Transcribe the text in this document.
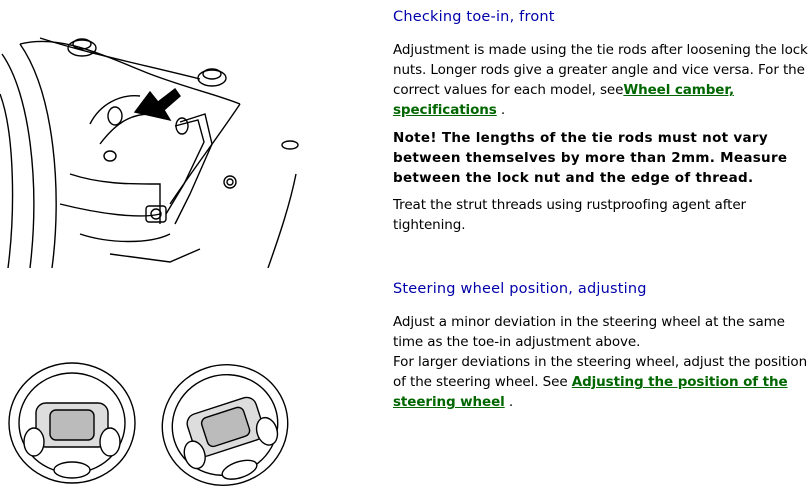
Checking toe-in, front

Adjustment is made using the tie rods after loosening the lock nuts. Longer rods give a greater angle and vice versa. For the correct values for each model, seeWheel camber, specifications .

Note! The lengths of the tie rods must not vary between themselves by more than 2mm. Measure between the lock nut and the edge of thread.

Treat the strut threads using rustproofing agent after tightening.

Steering wheel position, adjusting

Adjust a minor deviation in the steering wheel at the same time as the toe-in adjustment above.
For larger deviations in the steering wheel, adjust the position of the steering wheel. See Adjusting the position of the steering wheel .
